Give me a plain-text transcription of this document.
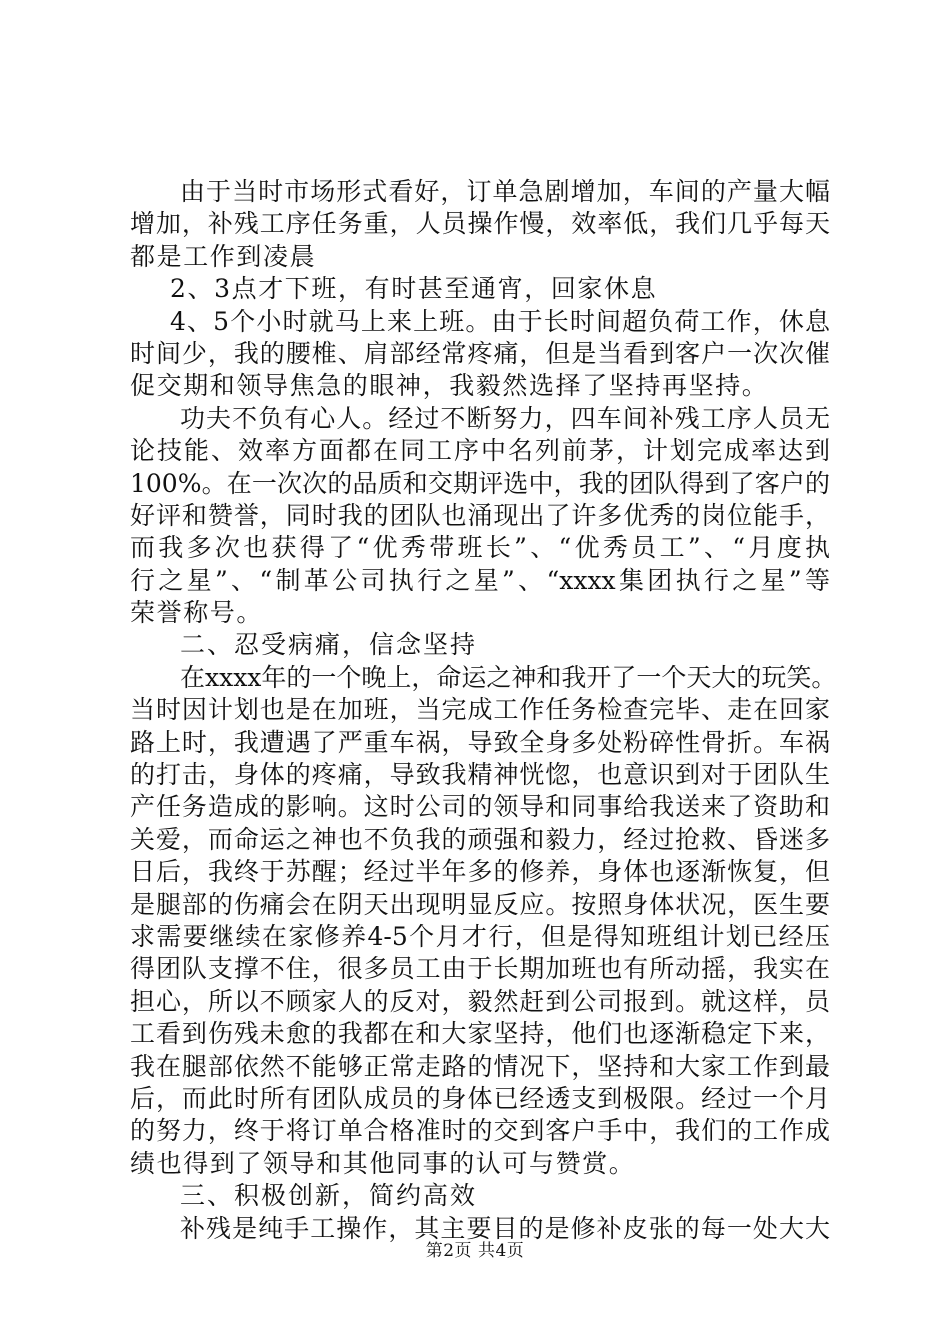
由于当时市场形式看好，订单急剧增加，车间的产量大幅
增加，补残工序任务重，人员操作慢，效率低，我们几乎每天
都是工作到凌晨
2、3点才下班，有时甚至通宵，回家休息
4、5个小时就马上来上班。由于长时间超负荷工作，休息
时间少，我的腰椎、肩部经常疼痛，但是当看到客户一次次催
促交期和领导焦急的眼神，我毅然选择了坚持再坚持。
功夫不负有心人。经过不断努力，四车间补残工序人员无
论技能、效率方面都在同工序中名列前茅，计划完成率达到
100%。在一次次的品质和交期评选中，我的团队得到了客户的
好评和赞誉，同时我的团队也涌现出了许多优秀的岗位能手，
而我多次也获得了“优秀带班长”、“优秀员工”、“月度执
行之星”、“制革公司执行之星”、“xxxx集团执行之星”等
荣誉称号。
二、忍受病痛，信念坚持
在xxxx年的一个晚上，命运之神和我开了一个天大的玩笑。
当时因计划也是在加班，当完成工作任务检查完毕、走在回家
路上时，我遭遇了严重车祸，导致全身多处粉碎性骨折。车祸
的打击，身体的疼痛，导致我精神恍惚，也意识到对于团队生
产任务造成的影响。这时公司的领导和同事给我送来了资助和
关爱，而命运之神也不负我的顽强和毅力，经过抢救、昏迷多
日后，我终于苏醒；经过半年多的修养，身体也逐渐恢复，但
是腿部的伤痛会在阴天出现明显反应。按照身体状况，医生要
求需要继续在家修养4-5个月才行，但是得知班组计划已经压
得团队支撑不住，很多员工由于长期加班也有所动摇，我实在
担心，所以不顾家人的反对，毅然赶到公司报到。就这样，员
工看到伤残未愈的我都在和大家坚持，他们也逐渐稳定下来，
我在腿部依然不能够正常走路的情况下，坚持和大家工作到最
后，而此时所有团队成员的身体已经透支到极限。经过一个月
的努力，终于将订单合格准时的交到客户手中，我们的工作成
绩也得到了领导和其他同事的认可与赞赏。
三、积极创新，简约高效
补残是纯手工操作，其主要目的是修补皮张的每一处大大
第2页 共4页
